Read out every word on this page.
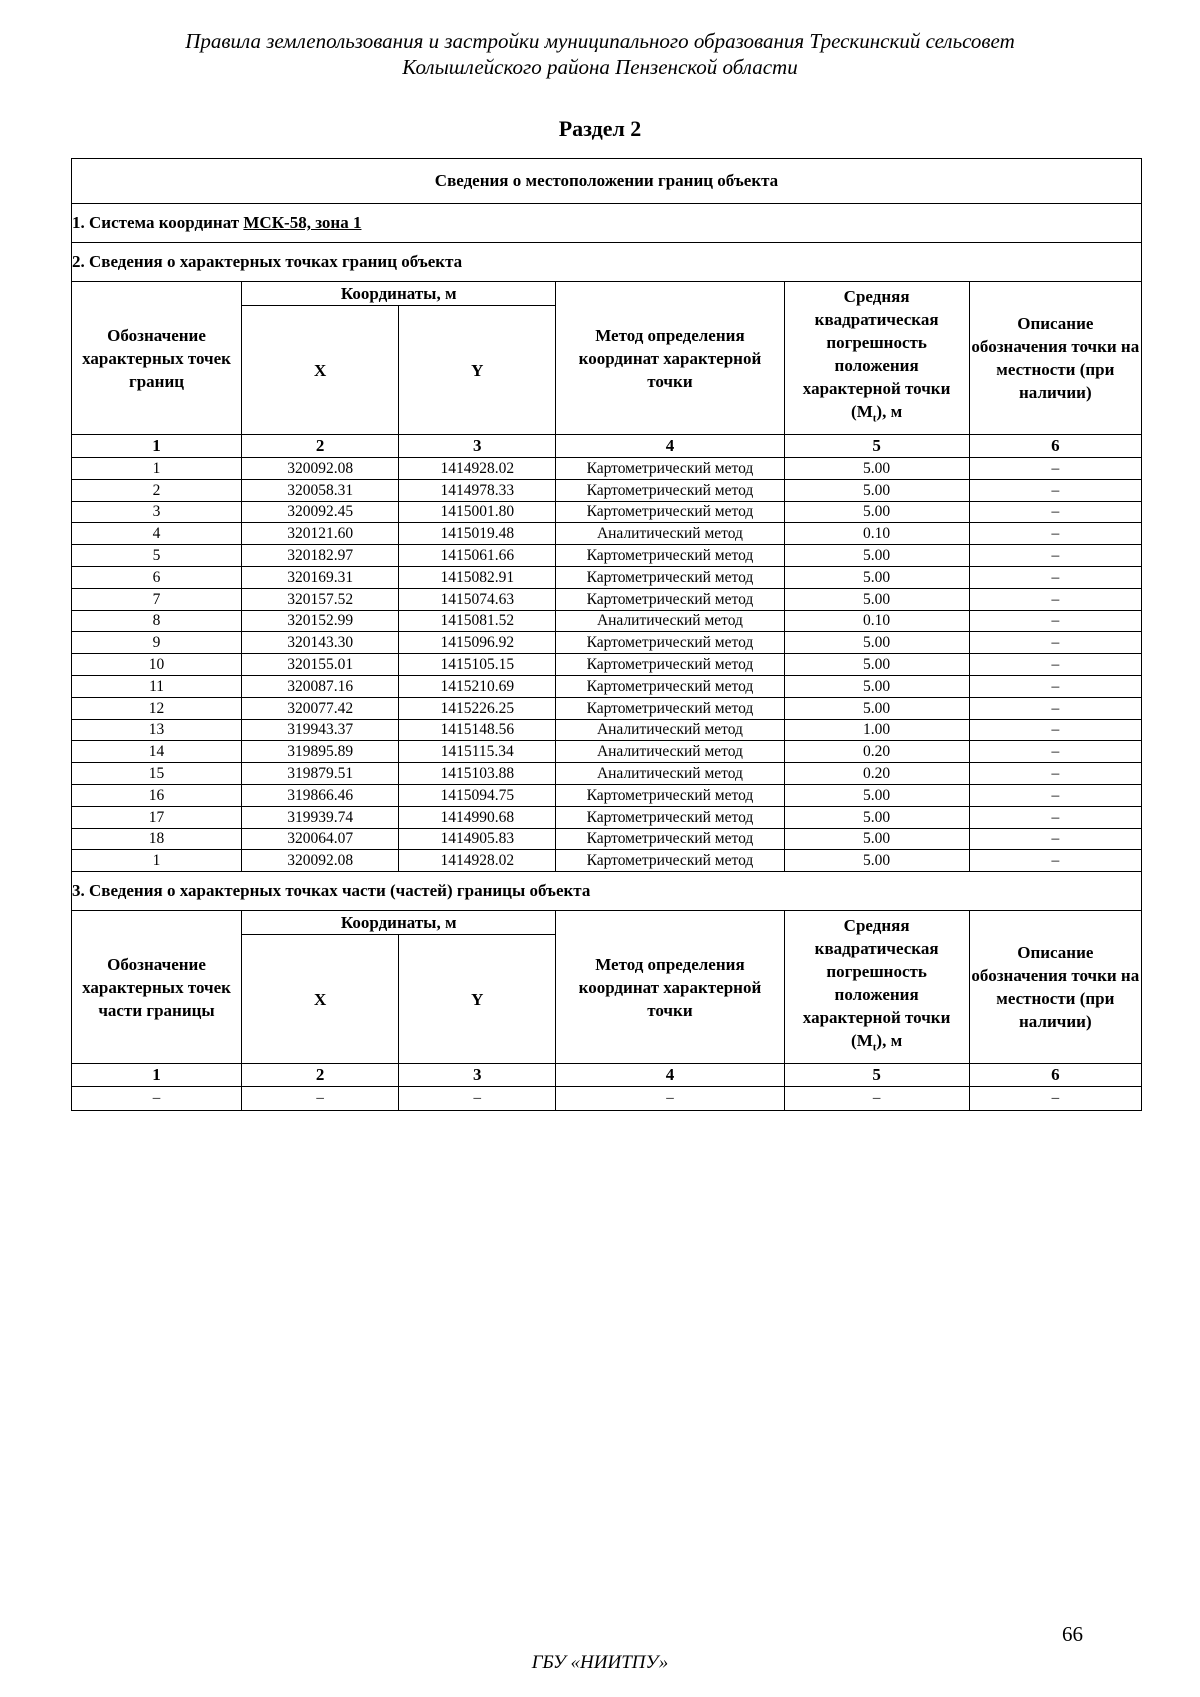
Правила землепользования и застройки муниципального образования Трескинский сельсовет
Колышлейского района Пензенской области
Раздел 2
Сведения о местоположении границ объекта					
1. Система координат МСК-58, зона 1					
2. Сведения о характерных точках границ объекта					
Обозначение характерных точек границ	Координаты, м		Метод определения координат характерной точки	Средняя квадратическая погрешность положения характерной точки $(M_t)$, м	Описание обозначения точки на местности (при наличии)
	X	Y			
1	2	3	4	5	6
1	320092.08	1414928.02	Картометрический метод	5.00	–
2	320058.31	1414978.33	Картометрический метод	5.00	–
3	320092.45	1415001.80	Картометрический метод	5.00	–
4	320121.60	1415019.48	Аналитический метод	0.10	–
5	320182.97	1415061.66	Картометрический метод	5.00	–
6	320169.31	1415082.91	Картометрический метод	5.00	–
7	320157.52	1415074.63	Картометрический метод	5.00	–
8	320152.99	1415081.52	Аналитический метод	0.10	–
9	320143.30	1415096.92	Картометрический метод	5.00	–
10	320155.01	1415105.15	Картометрический метод	5.00	–
11	320087.16	1415210.69	Картометрический метод	5.00	–
12	320077.42	1415226.25	Картометрический метод	5.00	–
13	319943.37	1415148.56	Аналитический метод	1.00	–
14	319895.89	1415115.34	Аналитический метод	0.20	–
15	319879.51	1415103.88	Аналитический метод	0.20	–
16	319866.46	1415094.75	Картометрический метод	5.00	–
17	319939.74	1414990.68	Картометрический метод	5.00	–
18	320064.07	1414905.83	Картометрический метод	5.00	–
1	320092.08	1414928.02	Картометрический метод	5.00	–
3. Сведения о характерных точках части (частей) границы объекта					
Обозначение характерных точек части границы	Координаты, м		Метод определения координат характерной точки	Средняя квадратическая погрешность положения характерной точки $(M_t)$, м	Описание обозначения точки на местности (при наличии)
	X	Y			
1	2	3	4	5	6
–	–	–	–	–	–
66
ГБУ «НИИТПУ»
